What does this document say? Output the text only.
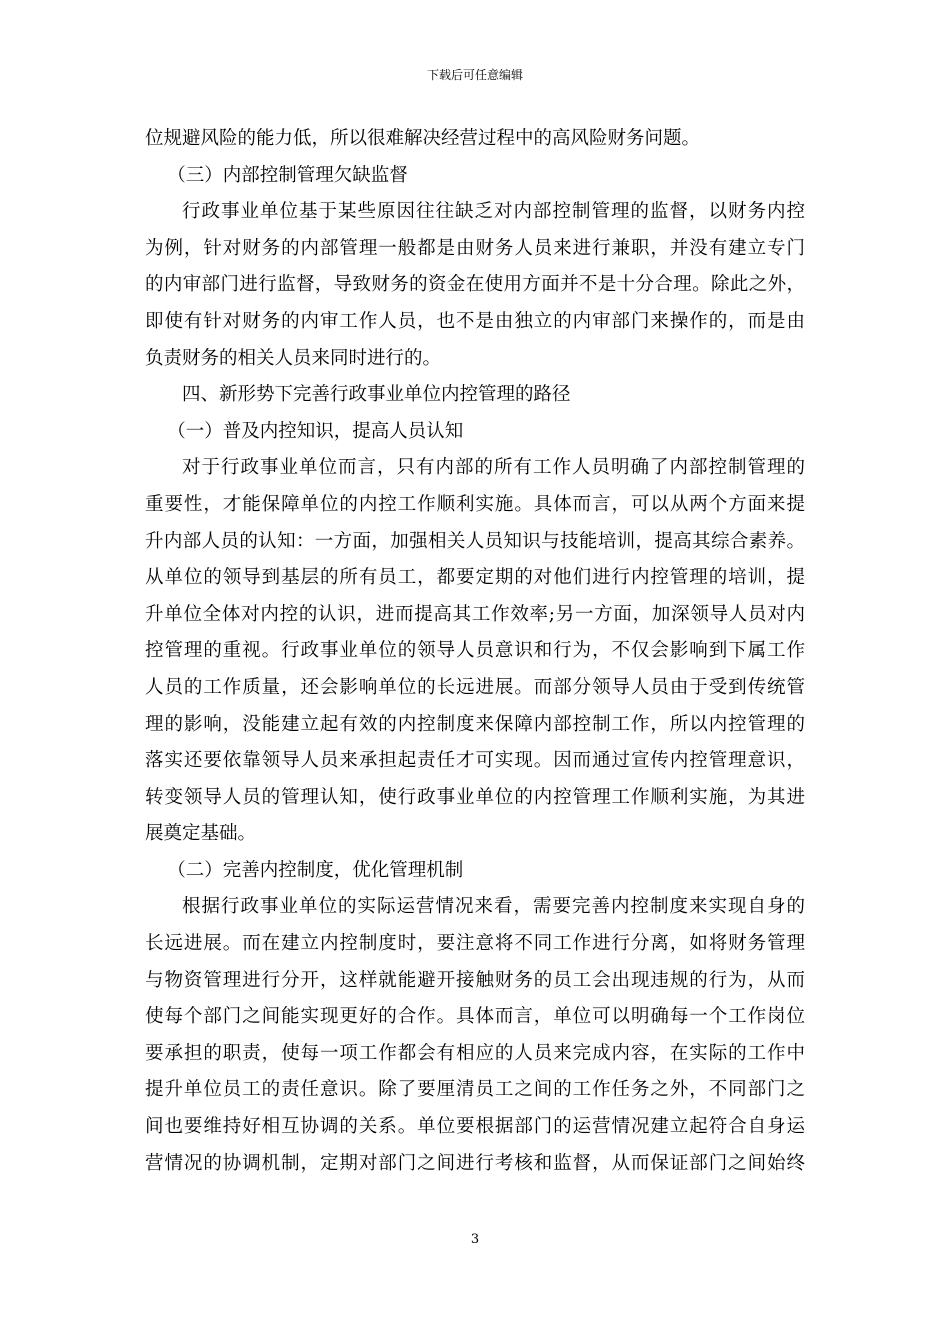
下载后可任意编辑
位规避风险的能力低，所以很难解决经营过程中的高风险财务问题。
（三）内部控制管理欠缺监督
行政事业单位基于某些原因往往缺乏对内部控制管理的监督，以财务内控
为例，针对财务的内部管理一般都是由财务人员来进行兼职，并没有建立专门
的内审部门进行监督，导致财务的资金在使用方面并不是十分合理。除此之外，
即使有针对财务的内审工作人员，也不是由独立的内审部门来操作的，而是由
负责财务的相关人员来同时进行的。
四、新形势下完善行政事业单位内控管理的路径
（一）普及内控知识，提高人员认知
对于行政事业单位而言，只有内部的所有工作人员明确了内部控制管理的
重要性，才能保障单位的内控工作顺利实施。具体而言，可以从两个方面来提
升内部人员的认知：一方面，加强相关人员知识与技能培训，提高其综合素养。
从单位的领导到基层的所有员工，都要定期的对他们进行内控管理的培训，提
升单位全体对内控的认识，进而提高其工作效率;另一方面，加深领导人员对内
控管理的重视。行政事业单位的领导人员意识和行为，不仅会影响到下属工作
人员的工作质量，还会影响单位的长远进展。而部分领导人员由于受到传统管
理的影响，没能建立起有效的内控制度来保障内部控制工作，所以内控管理的
落实还要依靠领导人员来承担起责任才可实现。因而通过宣传内控管理意识，
转变领导人员的管理认知，使行政事业单位的内控管理工作顺利实施，为其进
展奠定基础。
（二）完善内控制度，优化管理机制
根据行政事业单位的实际运营情况来看，需要完善内控制度来实现自身的
长远进展。而在建立内控制度时，要注意将不同工作进行分离，如将财务管理
与物资管理进行分开，这样就能避开接触财务的员工会出现违规的行为，从而
使每个部门之间能实现更好的合作。具体而言，单位可以明确每一个工作岗位
要承担的职责，使每一项工作都会有相应的人员来完成内容，在实际的工作中
提升单位员工的责任意识。除了要厘清员工之间的工作任务之外，不同部门之
间也要维持好相互协调的关系。单位要根据部门的运营情况建立起符合自身运
营情况的协调机制，定期对部门之间进行考核和监督，从而保证部门之间始终
3
